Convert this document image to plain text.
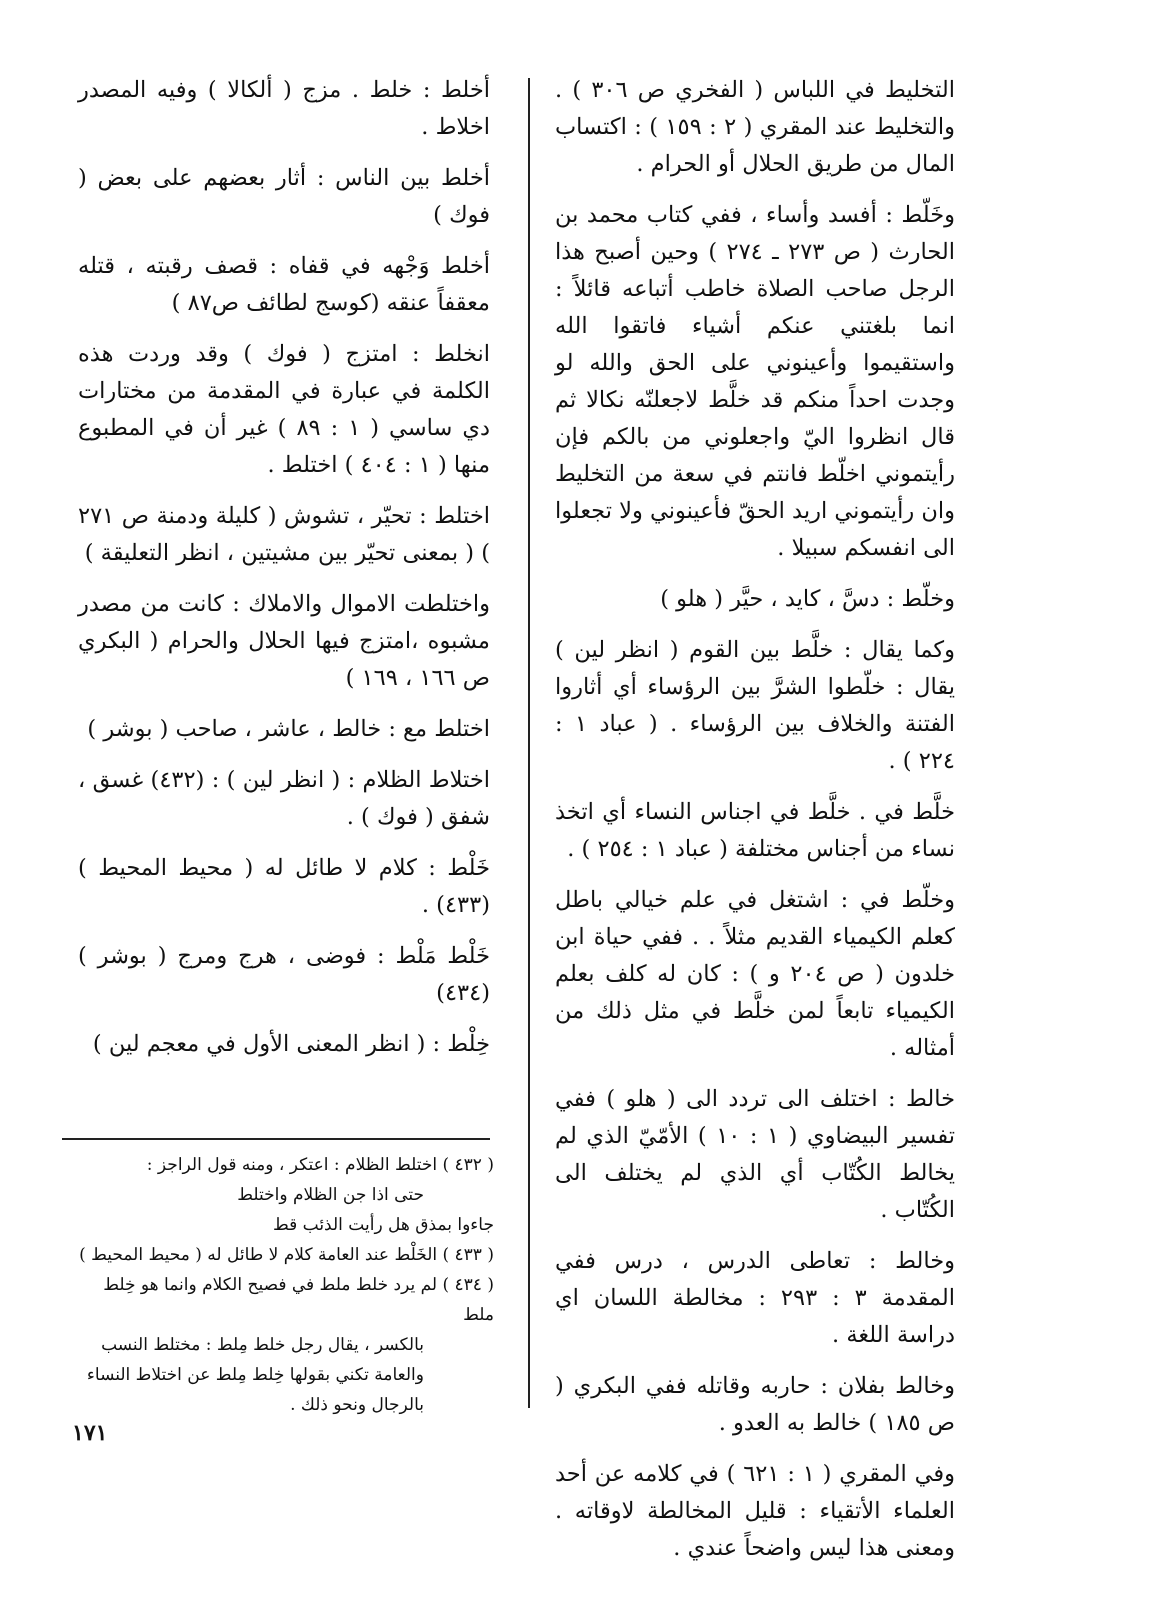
التخليط في اللباس ( الفخري ص ٣٠٦ ) . والتخليط عند المقري ( ٢ : ١٥٩ ) : اكتساب المال من طريق الحلال أو الحرام .

وخَلّط : أفسد وأساء ، ففي كتاب محمد بن الحارث ( ص ٢٧٣ ـ ٢٧٤ ) وحين أصبح هذا الرجل صاحب الصلاة خاطب أتباعه قائلاً : انما بلغتني عنكم أشياء فاتقوا الله واستقيموا وأعينوني على الحق والله لو وجدت احداً منكم قد خلَّط لاجعلنّه نكالا ثم قال انظروا اليّ واجعلوني من بالكم فإن رأيتموني اخلّط فانتم في سعة من التخليط وان رأيتموني اريد الحقّ فأعينوني ولا تجعلوا الى انفسكم سبيلا .

وخلّط : دسَّ ، كايد ، حيَّر ( هلو )

وكما يقال : خلَّط بين القوم ( انظر لين ) يقال : خلّطوا الشرَّ بين الرؤساء أي أثاروا الفتنة والخلاف بين الرؤساء . ( عباد ١ : ٢٢٤ ) .

خلَّط في . خلَّط في اجناس النساء أي اتخذ نساء من أجناس مختلفة ( عباد ١ : ٢٥٤ ) .

وخلّط في : اشتغل في علم خيالي باطل كعلم الكيمياء القديم مثلاً . . ففي حياة ابن خلدون ( ص ٢٠٤ و ) : كان له كلف بعلم الكيمياء تابعاً لمن خلَّط في مثل ذلك من أمثاله .

خالط : اختلف الى تردد الى ( هلو ) ففي تفسير البيضاوي ( ١ : ١٠ ) الأمّيّ الذي لم يخالط الكُتّاب أي الذي لم يختلف الى الكُتّاب .

وخالط : تعاطى الدرس ، درس ففي المقدمة ٣ : ٢٩٣ : مخالطة اللسان اي دراسة اللغة .

وخالط بفلان : حاربه وقاتله ففي البكري ( ص ١٨٥ ) خالط به العدو .

وفي المقري ( ١ : ٦٢١ ) في كلامه عن أحد العلماء الأتقياء : قليل المخالطة لاوقاته . ومعنى هذا ليس واضحاً عندي .

أخلط : خلط . مزج ( ألكالا ) وفيه المصدر اخلاط .

أخلط بين الناس : أثار بعضهم على بعض ( فوك )

أخلط وَجْهه في قفاه : قصف رقبته ، قتله معقفاً عنقه (كوسج لطائف ص٨٧ )

انخلط : امتزج ( فوك ) وقد وردت هذه الكلمة في عبارة في المقدمة من مختارات دي ساسي ( ١ : ٨٩ ) غير أن في المطبوع منها ( ١ : ٤٠٤ ) اختلط .

اختلط : تحيّر ، تشوش ( كليلة ودمنة ص ٢٧١ ) ( بمعنى تحيّر بين مشيتين ، انظر التعليقة )

واختلطت الاموال والاملاك : كانت من مصدر مشبوه ،امتزج فيها الحلال والحرام ( البكري ص ١٦٦ ، ١٦٩ )

اختلط مع : خالط ، عاشر ، صاحب ( بوشر )

اختلاط الظلام : ( انظر لين ) : (٤٣٢) غسق ، شفق ( فوك ) .

خَلْط : كلام لا طائل له ( محيط المحيط ) (٤٣٣) .

خَلْط مَلْط : فوضى ، هرج ومرج ( بوشر ) (٤٣٤)

خِلْط : ( انظر المعنى الأول في معجم لين )

( ٤٣٢ ) اختلط الظلام : اعتكر ، ومنه قول الراجز :

حتى اذا جن الظلام واختلط

جاءوا بمذق هل رأيت الذئب قط

( ٤٣٣ ) الخَلْط عند العامة كلام لا طائل له ( محيط المحيط )

( ٤٣٤ ) لم يرد خلط ملط في فصيح الكلام وانما هو خِلط ملط

بالكسر ، يقال رجل خلط مِلط : مختلط النسب

والعامة تكني بقولها خِلط مِلط عن اختلاط النساء

بالرجال ونحو ذلك .

١٧١
